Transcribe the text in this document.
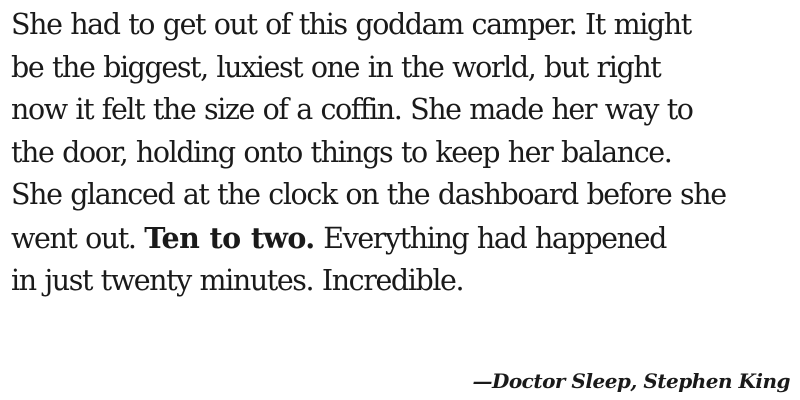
She had to get out of this goddam camper. It might
be the biggest, luxiest one in the world, but right
now it felt the size of a coffin. She made her way to
the door, holding onto things to keep her balance.
She glanced at the clock on the dashboard before she
went out. Ten to two. Everything had happened
in just twenty minutes. Incredible.

—Doctor Sleep, Stephen King
